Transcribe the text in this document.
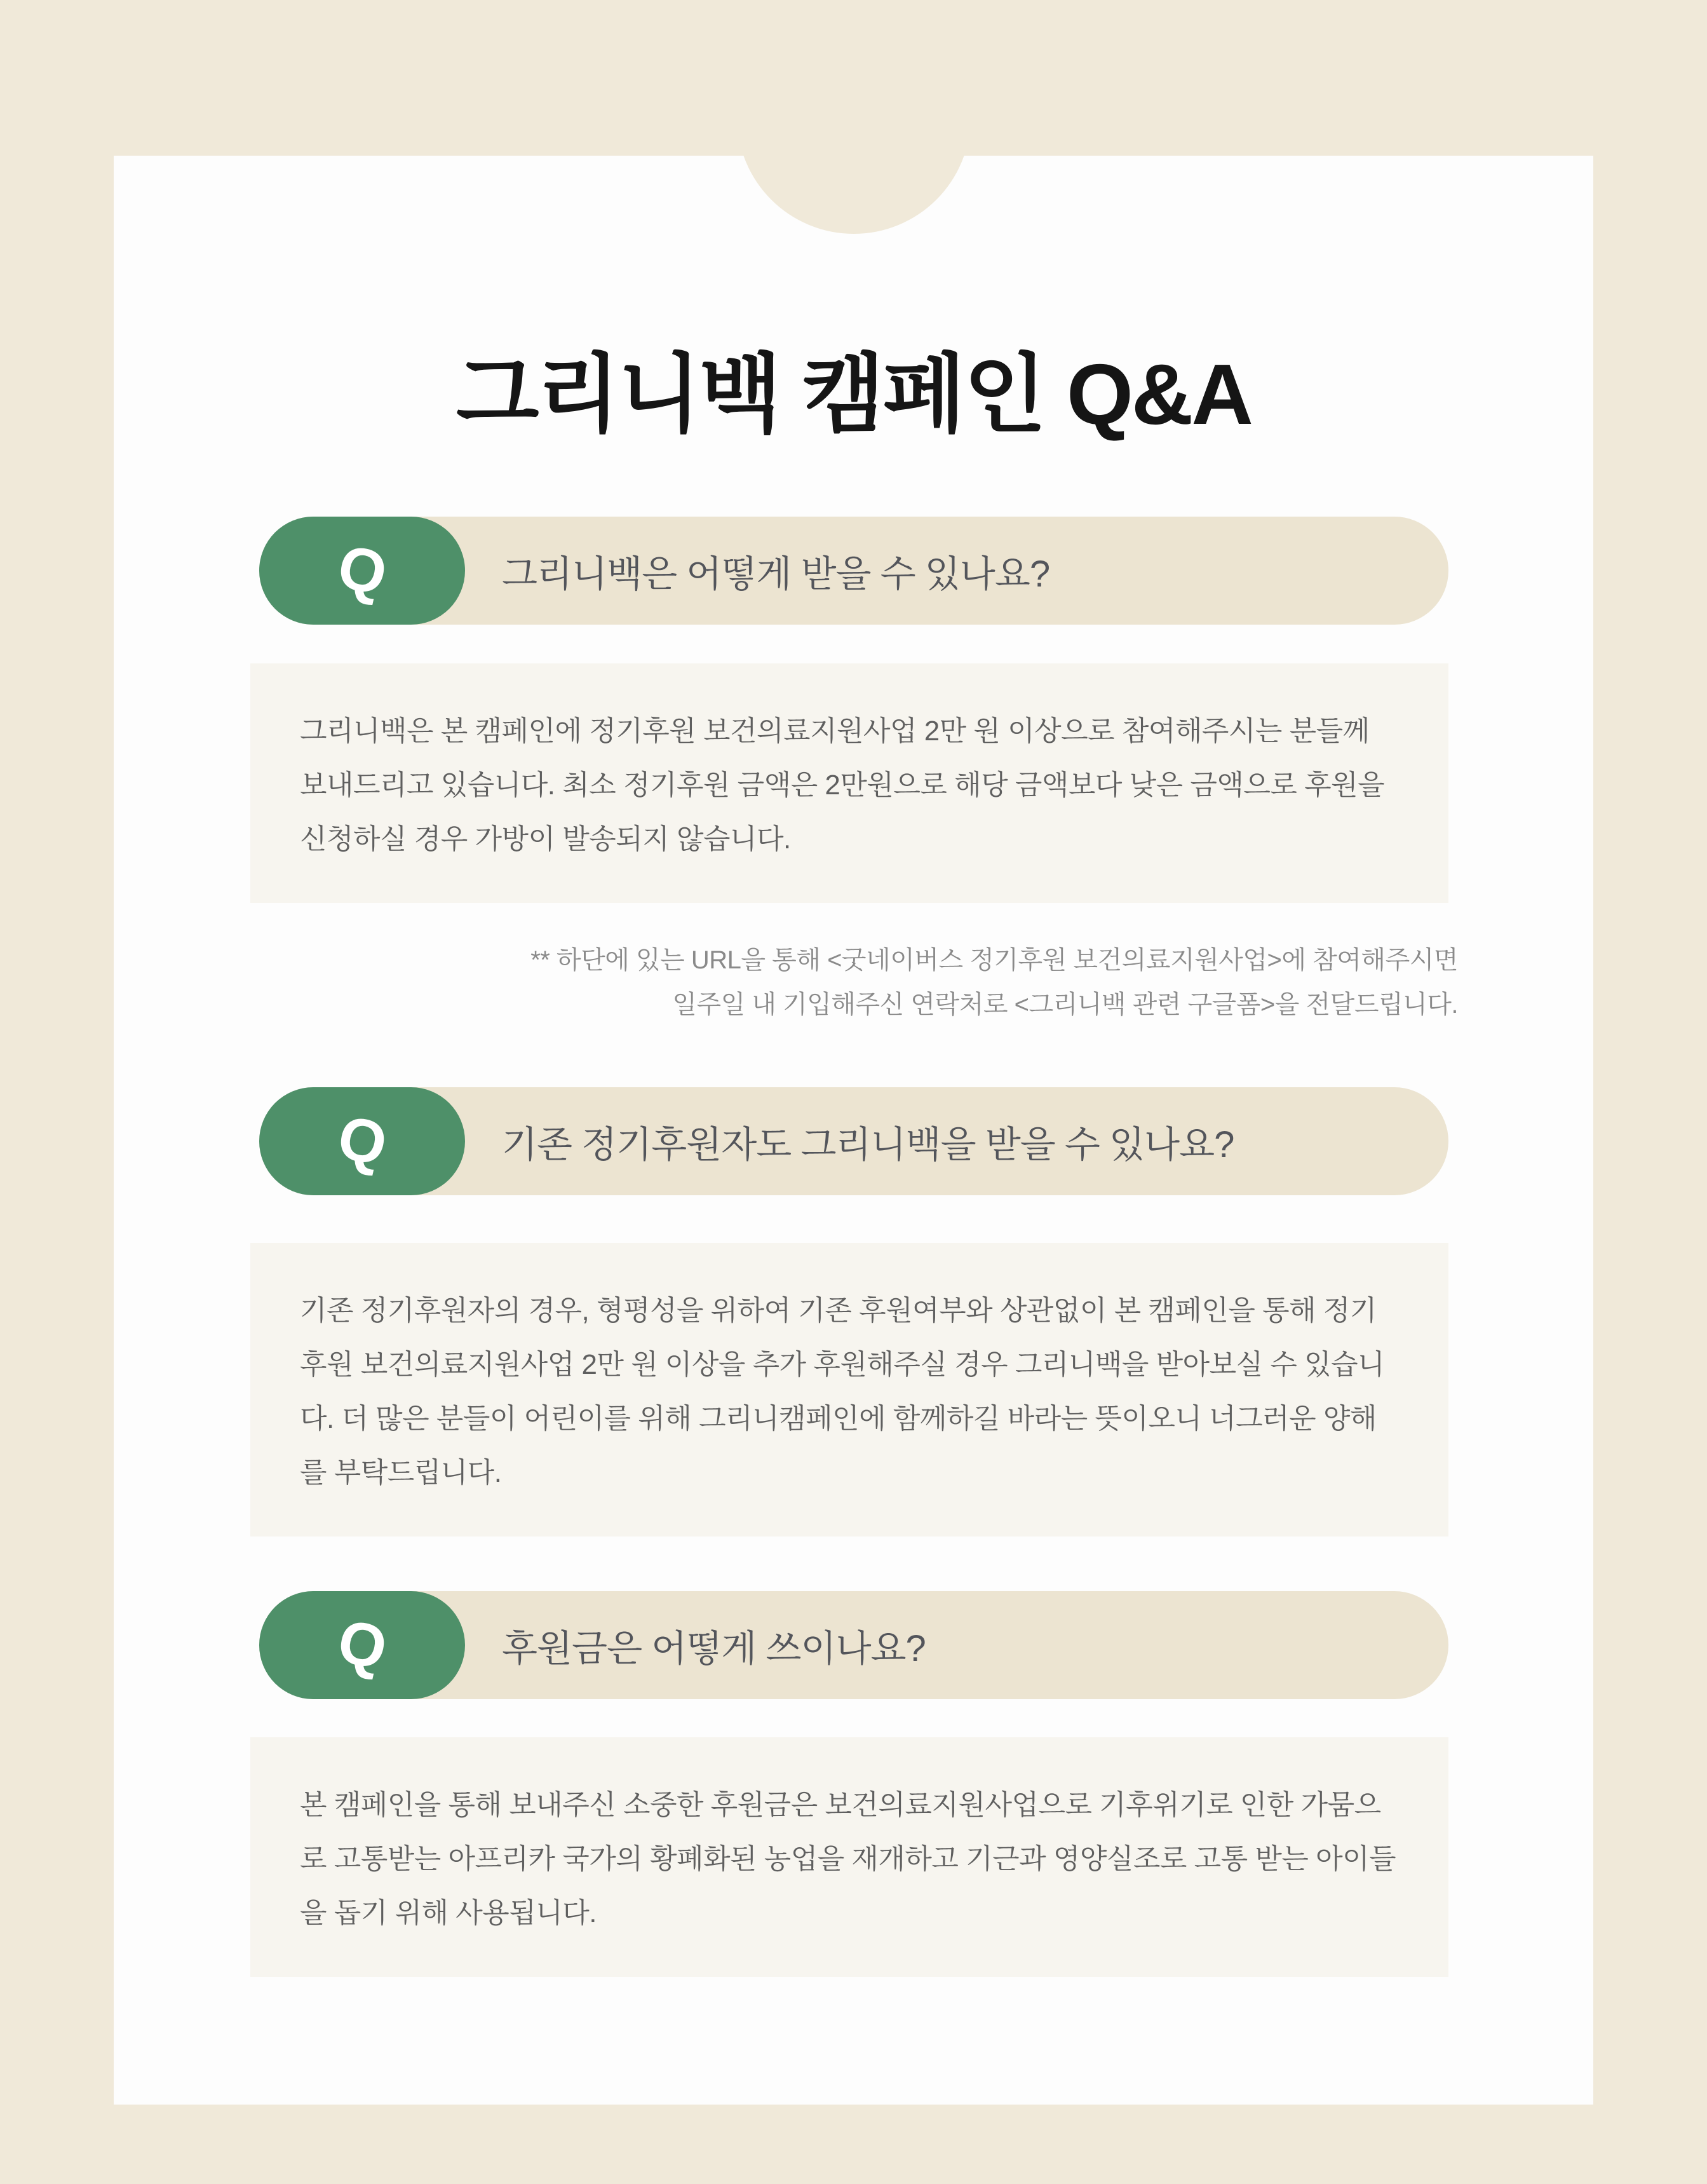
그리니백 캠페인 Q&A
Q	그리니백은 어떻게 받을 수 있나요?
그리니백은 본 캠페인에 정기후원 보건의료지원사업 2만 원 이상으로 참여해주시는 분들께 보내드리고 있습니다. 최소 정기후원 금액은 2만원으로 해당 금액보다 낮은 금액으로 후원을 신청하실 경우 가방이 발송되지 않습니다.
** 하단에 있는 URL을 통해 <굿네이버스 정기후원 보건의료지원사업>에 참여해주시면
일주일 내 기입해주신 연락처로 <그리니백 관련 구글폼>을 전달드립니다.
Q	기존 정기후원자도 그리니백을 받을 수 있나요?
기존 정기후원자의 경우, 형평성을 위하여 기존 후원여부와 상관없이 본 캠페인을 통해 정기후원 보건의료지원사업 2만 원 이상을 추가 후원해주실 경우 그리니백을 받아보실 수 있습니다. 더 많은 분들이 어린이를 위해 그리니캠페인에 함께하길 바라는 뜻이오니 너그러운 양해를 부탁드립니다.
Q	후원금은 어떻게 쓰이나요?
본 캠페인을 통해 보내주신 소중한 후원금은 보건의료지원사업으로 기후위기로 인한 가뭄으로 고통받는 아프리카 국가의 황폐화된 농업을 재개하고 기근과 영양실조로 고통 받는 아이들을 돕기 위해 사용됩니다.
